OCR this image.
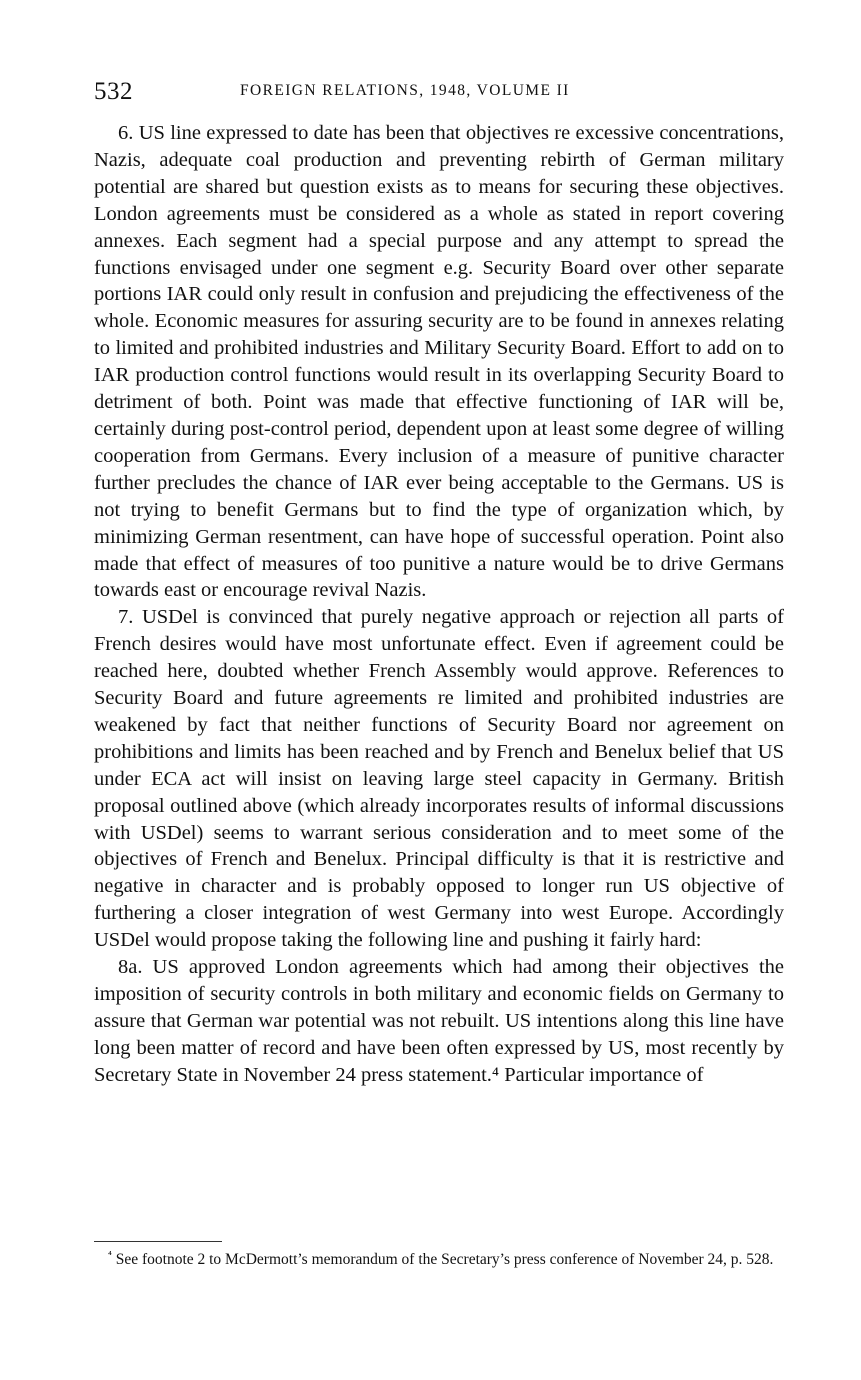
532	FOREIGN RELATIONS, 1948, VOLUME II

6. US line expressed to date has been that objectives re excessive concentrations, Nazis, adequate coal production and preventing rebirth of German military potential are shared but question exists as to means for securing these objectives. London agreements must be considered as a whole as stated in report covering annexes. Each segment had a special purpose and any attempt to spread the functions envisaged under one segment e.g. Security Board over other separate portions IAR could only result in confusion and prejudicing the effectiveness of the whole. Economic measures for assuring security are to be found in annexes relating to limited and prohibited industries and Military Security Board. Effort to add on to IAR production control functions would result in its overlapping Security Board to detriment of both. Point was made that effective functioning of IAR will be, certainly during post-control period, dependent upon at least some degree of willing cooperation from Germans. Every inclusion of a measure of punitive character further precludes the chance of IAR ever being acceptable to the Germans. US is not trying to benefit Germans but to find the type of organization which, by minimizing German resentment, can have hope of successful operation. Point also made that effect of measures of too punitive a nature would be to drive Germans towards east or encourage revival Nazis.

7. USDel is convinced that purely negative approach or rejection all parts of French desires would have most unfortunate effect. Even if agreement could be reached here, doubted whether French Assembly would approve. References to Security Board and future agreements re limited and prohibited industries are weakened by fact that neither functions of Security Board nor agreement on prohibitions and limits has been reached and by French and Benelux belief that US under ECA act will insist on leaving large steel capacity in Germany. British proposal outlined above (which already incorporates results of informal discussions with USDel) seems to warrant serious consideration and to meet some of the objectives of French and Benelux. Principal difficulty is that it is restrictive and negative in character and is probably opposed to longer run US objective of furthering a closer integration of west Germany into west Europe. Accordingly USDel would propose taking the following line and pushing it fairly hard:

8a. US approved London agreements which had among their objectives the imposition of security controls in both military and economic fields on Germany to assure that German war potential was not rebuilt. US intentions along this line have long been matter of record and have been often expressed by US, most recently by Secretary State in November 24 press statement.⁴ Particular importance of

$^{^4}$ See footnote 2 to McDermott’s memorandum of the Secretary’s press conference of November 24, p. 528.
